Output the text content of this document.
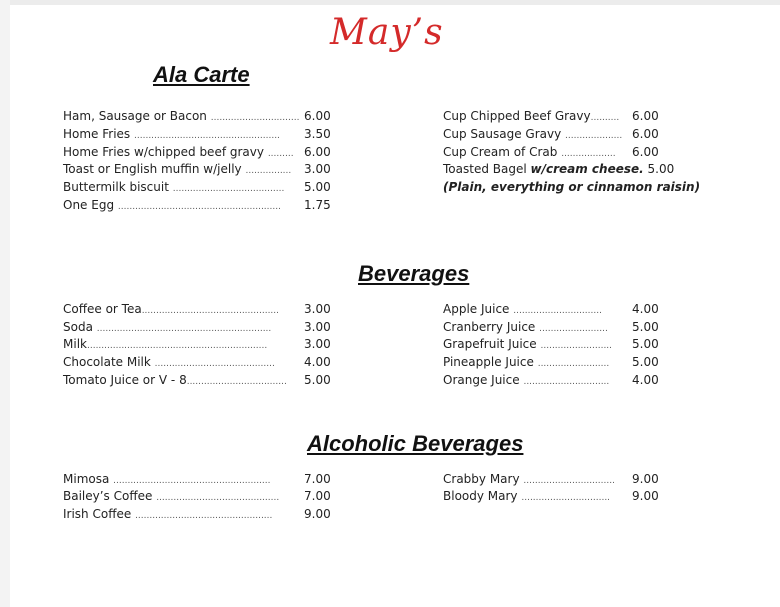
May’s
Ala Carte
Ham, Sausage or Bacon ............................... 6.00
Home Fries ................................................... 3.50
Home Fries w/chipped beef gravy ......... 6.00
Toast or English muffin w/jelly ................ 3.00
Buttermilk biscuit ....................................... 5.00
One Egg ......................................................... 1.75
Cup Chipped Beef Gravy.......... 6.00
Cup Sausage Gravy .................... 6.00
Cup Cream of Crab ................... 6.00
Toasted Bagel w/cream cheese. 5.00
(Plain, everything or cinnamon raisin)
Beverages
Coffee or Tea................................................ 3.00
Soda .............................................................	3.00
Milk...............................................................	3.00
Chocolate Milk .......................................... 4.00
Tomato Juice or V - 8................................... 5.00
Apple Juice ...............................	4.00
Cranberry Juice ........................ 5.00
Grapefruit Juice ......................... 5.00
Pineapple Juice ......................... 5.00
Orange Juice .............................. 4.00
Alcoholic Beverages
Mimosa .......................................................	7.00
Bailey’s Coffee ........................................... 7.00
Irish Coffee ................................................	9.00
Crabby Mary ................................ 9.00
Bloody Mary ............................... 9.00
